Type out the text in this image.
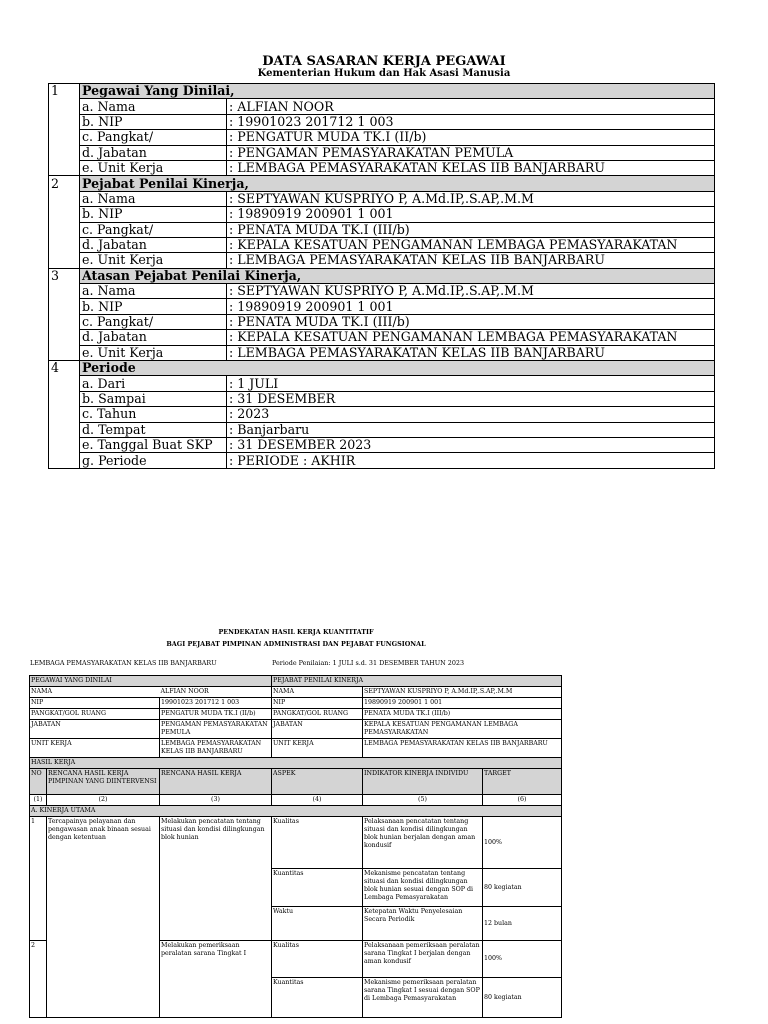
DATA SASARAN KERJA PEGAWAI
Kementerian Hukum dan Hak Asasi Manusia
1	Pegawai Yang Dinilai,	
	a. Nama	: ALFIAN NOOR
	b. NIP	: 19901023 201712 1 003
	c. Pangkat/	: PENGATUR MUDA TK.I (II/b)
	d. Jabatan	: PENGAMAN PEMASYARAKATAN PEMULA
	e. Unit Kerja	: LEMBAGA PEMASYARAKATAN KELAS IIB BANJARBARU
2	Pejabat Penilai Kinerja,	
	a. Nama	: SEPTYAWAN KUSPRIYO P, A.Md.IP,.S.AP,.M.M
	b. NIP	: 19890919 200901 1 001
	c. Pangkat/	: PENATA MUDA TK.I (III/b)
	d. Jabatan	: KEPALA KESATUAN PENGAMANAN LEMBAGA PEMASYARAKATAN
	e. Unit Kerja	: LEMBAGA PEMASYARAKATAN KELAS IIB BANJARBARU
3	Atasan Pejabat Penilai Kinerja,	
	a. Nama	: SEPTYAWAN KUSPRIYO P, A.Md.IP,.S.AP,.M.M
	b. NIP	: 19890919 200901 1 001
	c. Pangkat/	: PENATA MUDA TK.I (III/b)
	d. Jabatan	: KEPALA KESATUAN PENGAMANAN LEMBAGA PEMASYARAKATAN
	e. Unit Kerja	: LEMBAGA PEMASYARAKATAN KELAS IIB BANJARBARU
4	Periode	
	a. Dari	: 1 JULI
	b. Sampai	: 31 DESEMBER
	c. Tahun	: 2023
	d. Tempat	: Banjarbaru
	e. Tanggal Buat SKP	: 31 DESEMBER 2023
	g. Periode	: PERIODE : AKHIR
PENDEKATAN HASIL KERJA KUANTITATIF
BAGI PEJABAT PIMPINAN ADMINISTRASI DAN PEJABAT FUNGSIONAL
LEMBAGA PEMASYARAKATAN KELAS IIB BANJARBARU	Periode Penilaian: 1 JULI s.d. 31 DESEMBER TAHUN 2023
PEGAWAI YANG DINILAI			PEJABAT PENILAI KINERJA		
NAMA		ALFIAN NOOR	NAMA	SEPTYAWAN KUSPRIYO P, A.Md.IP,.S.AP,.M.M	
NIP		19901023 201712 1 003	NIP	19890919 200901 1 001	
PANGKAT/GOL RUANG		PENGATUR MUDA TK.I (II/b)	PANGKAT/GOL RUANG	PENATA MUDA TK.I (III/b)	
JABATAN		PENGAMAN PEMASYARAKATAN PEMULA	JABATAN	KEPALA KESATUAN PENGAMANAN LEMBAGA PEMASYARAKATAN	
UNIT KERJA		LEMBAGA PEMASYARAKATAN KELAS IIB BANJARBARU	UNIT KERJA	LEMBAGA PEMASYARAKATAN KELAS IIB BANJARBARU	
HASIL KERJA					
NO	RENCANA HASIL KERJA PIMPINAN YANG DIINTERVENSI	RENCANA HASIL KERJA	ASPEK	INDIKATOR KINERJA INDIVIDU	TARGET
(1)	(2)	(3)	(4)	(5)	(6)
A. KINERJA UTAMA					
1	Tercapainya pelayanan dan pengawasan anak binaan sesuai dengan ketentuan	Melakukan pencatatan tentang situasi dan kondisi dilingkungan blok hunian	Kualitas	Pelaksanaan pencatatan tentang situasi dan kondisi dilingkungan blok hunian berjalan dengan aman kondusif	100%
			Kuantitas	Mekanisme pencatatan tentang situasi dan kondisi dilingkungan blok hunian sesuai dengan SOP di Lembaga Pemasyarakatan	80 kegiatan
			Waktu	Ketepatan Waktu Penyelesaian Secara Periodik	12 bulan
2		Melakukan pemeriksaan peralatan sarana Tingkat I	Kualitas	Pelaksanaan pemeriksaan peralatan sarana Tingkat I berjalan dengan aman kondusif	100%
			Kuantitas	Mekanisme pemeriksaan peralatan sarana Tingkat I sesuai dengan SOP di Lembaga Pemasyarakatan	80 kegiatan
